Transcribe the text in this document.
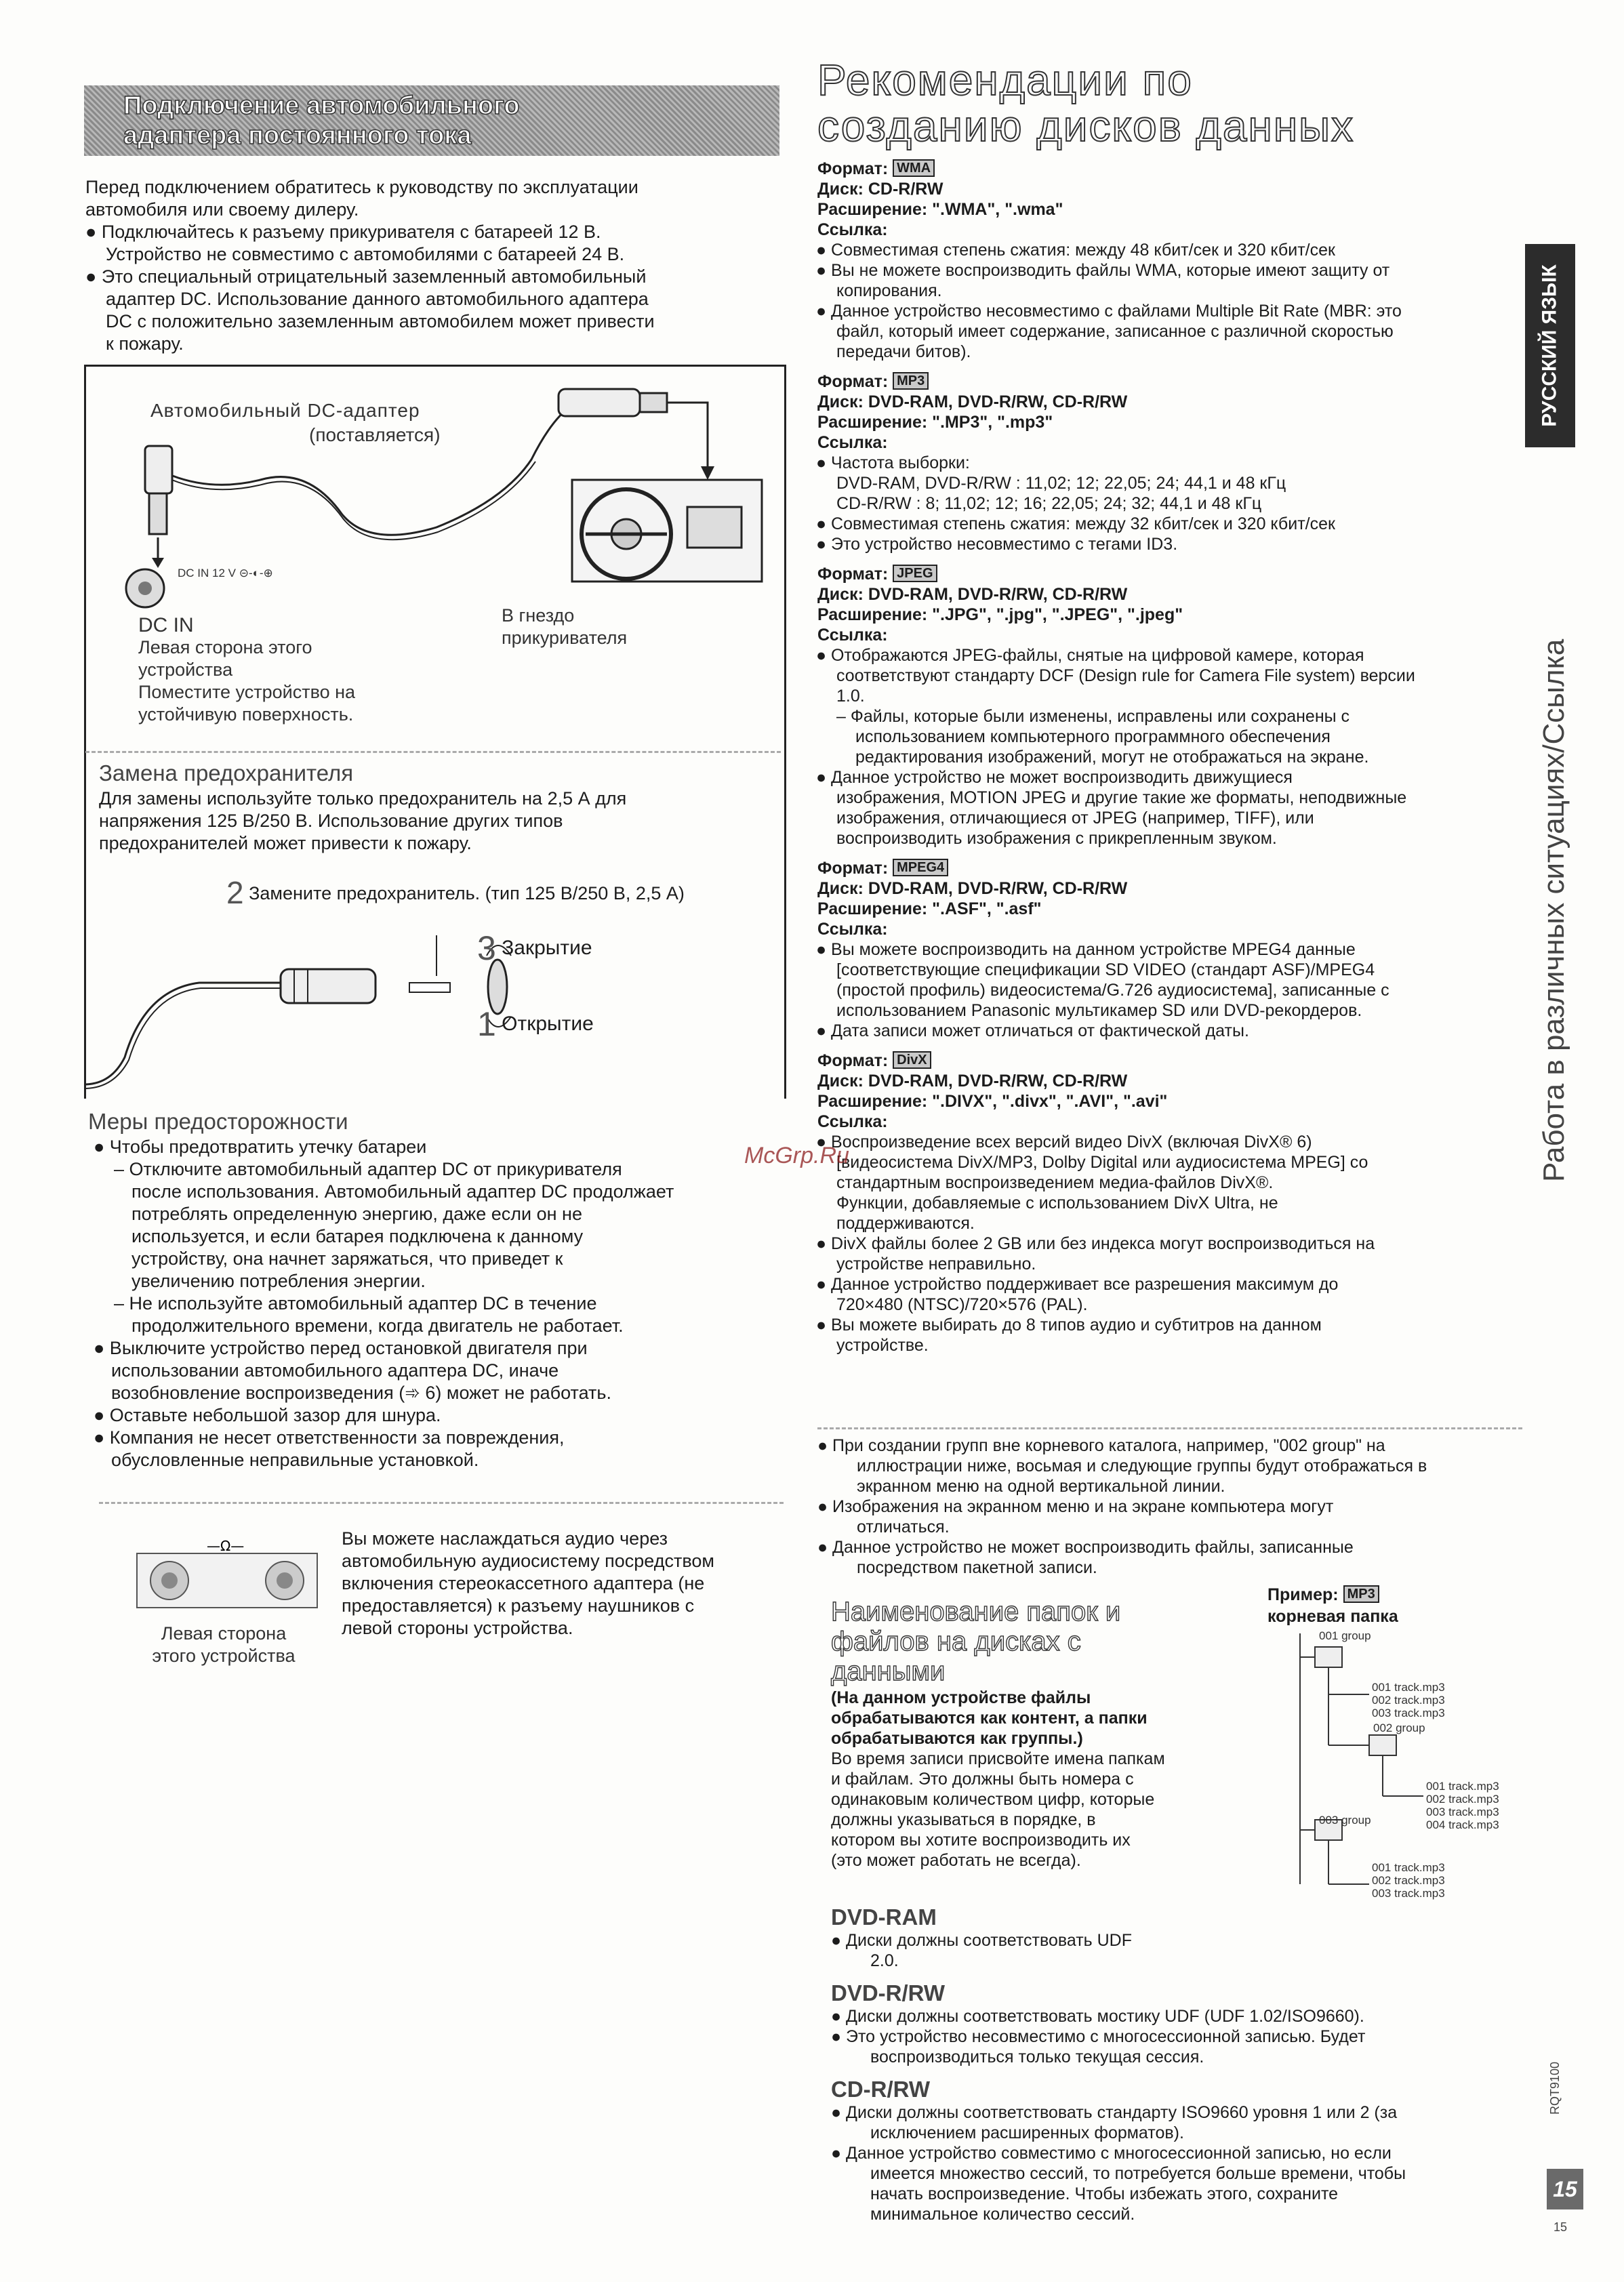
Подключение автомобильного
адаптера постоянного тока
Перед подключением обратитесь к руководству по эксплуатации
автомобиля или своему дилеру.
● Подключайтесь к разъему прикуривателя с батареей 12 В.
Устройство не совместимо с автомобилями с батареей 24 В.
● Это специальный отрицательный заземленный автомобильный
адаптер DC. Использование данного автомобильного адаптера
DC с положительно заземленным автомобилем может привести
к пожару.
Автомобильный DC-адаптер
(поставляется)
DC IN 12 V ⊝-◐-⊕
DC IN
Левая сторона этого
устройства
Поместите устройство на
устойчивую поверхность.
В гнездо
прикуривателя
Замена предохранителя
Для замены используйте только предохранитель на 2,5 А для
напряжения 125 В/250 В. Использование других типов
предохранителей может привести к пожару.
2 Замените предохранитель. (тип 125 В/250 В, 2,5 А)
3 Закрытие
1 Открытие
Меры предосторожности
● Чтобы предотвратить утечку батареи
– Отключите автомобильный адаптер DC от прикуривателя
после использования. Автомобильный адаптер DC продолжает
потреблять определенную энергию, даже если он не
используется, и если батарея подключена к данному
устройству, она начнет заряжаться, что приведет к
увеличению потребления энергии.
– Не используйте автомобильный адаптер DC в течение
продолжительного времени, когда двигатель не работает.
● Выключите устройство перед остановкой двигателя при
использовании автомобильного адаптера DC, иначе
возобновление воспроизведения (➾ 6) может не работать.
● Оставьте небольшой зазор для шнура.
● Компания не несет ответственности за повреждения,
обусловленные неправильные установкой.
—Ω—
Левая сторона
этого устройства
Вы можете наслаждаться аудио через
автомобильную аудиосистему посредством
включения стереокассетного адаптера (не
предоставляется) к разъему наушников с
левой стороны устройства.
Рекомендации по
созданию дисков данных
Формат: WMA
Диск: CD-R/RW
Расширение: ".WMA", ".wma"
Ссылка:
● Совместимая степень сжатия: между 48 кбит/сек и 320 кбит/сек
● Вы не можете воспроизводить файлы WMA, которые имеют защиту от
копирования.
● Данное устройство несовместимо с файлами Multiple Bit Rate (MBR: это
файл, который имеет содержание, записанное с различной скоростью
передачи битов).
Формат: MP3
Диск: DVD-RAM, DVD-R/RW, CD-R/RW
Расширение: ".MP3", ".mp3"
Ссылка:
● Частота выборки:
DVD-RAM, DVD-R/RW : 11,02; 12; 22,05; 24; 44,1 и 48 кГц
CD-R/RW : 8; 11,02; 12; 16; 22,05; 24; 32; 44,1 и 48 кГц
● Совместимая степень сжатия: между 32 кбит/сек и 320 кбит/сек
● Это устройство несовместимо с тегами ID3.
Формат: JPEG
Диск: DVD-RAM, DVD-R/RW, CD-R/RW
Расширение: ".JPG", ".jpg", ".JPEG", ".jpeg"
Ссылка:
● Отображаются JPEG-файлы, снятые на цифровой камере, которая
соответствуют стандарту DCF (Design rule for Camera File system) версии
1.0.
– Файлы, которые были изменены, исправлены или сохранены с
использованием компьютерного программного обеспечения
редактирования изображений, могут не отображаться на экране.
● Данное устройство не может воспроизводить движущиеся
изображения, MOTION JPEG и другие такие же форматы, неподвижные
изображения, отличающиеся от JPEG (например, TIFF), или
воспроизводить изображения с прикрепленным звуком.
Формат: MPEG4
Диск: DVD-RAM, DVD-R/RW, CD-R/RW
Расширение: ".ASF", ".asf"
Ссылка:
● Вы можете воспроизводить на данном устройстве MPEG4 данные
[соответствующие спецификации SD VIDEO (стандарт ASF)/MPEG4
(простой профиль) видеосистема/G.726 аудиосистема], записанные с
использованием Panasonic мультикамер SD или DVD-рекордеров.
● Дата записи может отличаться от фактической даты.
Формат: DivX
Диск: DVD-RAM, DVD-R/RW, CD-R/RW
Расширение: ".DIVX", ".divx", ".AVI", ".avi"
Ссылка:
● Воспроизведение всех версий видео DivX (включая DivX® 6)
[видеосистема DivX/MP3, Dolby Digital или аудиосистема MPEG] со
стандартным воспроизведением медиа-файлов DivX®.
Функции, добавляемые с использованием DivX Ultra, не
поддерживаются.
● DivX файлы более 2 GB или без индекса могут воспроизводиться на
устройстве неправильно.
● Данное устройство поддерживает все разрешения максимум до
720×480 (NTSC)/720×576 (PAL).
● Вы можете выбирать до 8 типов аудио и субтитров на данном
устройстве.
● При создании групп вне корневого каталога, например, "002 group" на
иллюстрации ниже, восьмая и следующие группы будут отображаться в
экранном меню на одной вертикальной линии.
● Изображения на экранном меню и на экране компьютера могут
отличаться.
● Данное устройство не может воспроизводить файлы, записанные
посредством пакетной записи.
Наименование папок и
файлов на дисках с
данными
(На данном устройстве файлы
обрабатываются как контент, а папки
обрабатываются как группы.)
Во время записи присвойте имена папкам
и файлам. Это должны быть номера с
одинаковым количеством цифр, которые
должны указываться в порядке, в
котором вы хотите воспроизводить их
(это может работать не всегда).
Пример: MP3
корневая папка
001 group
001 track.mp3
002 track.mp3
003 track.mp3
002 group
001 track.mp3
002 track.mp3
003 track.mp3
004 track.mp3
003 group
001 track.mp3
002 track.mp3
003 track.mp3
DVD-RAM
● Диски должны соответствовать UDF
2.0.
DVD-R/RW
● Диски должны соответствовать мостику UDF (UDF 1.02/ISO9660).
● Это устройство несовместимо с многосессионной записью. Будет
воспроизводиться только текущая сессия.
CD-R/RW
● Диски должны соответствовать стандарту ISO9660 уровня 1 или 2 (за
исключением расширенных форматов).
● Данное устройство совместимо с многосессионной записью, но если
имеется множество сессий, то потребуется больше времени, чтобы
начать воспроизведение. Чтобы избежать этого, сохраните
минимальное количество сессий.
McGrp.Ru
РУССКИЙ ЯЗЫК
Работа в различных ситуациях/Ссылка
RQT9100
15
15
